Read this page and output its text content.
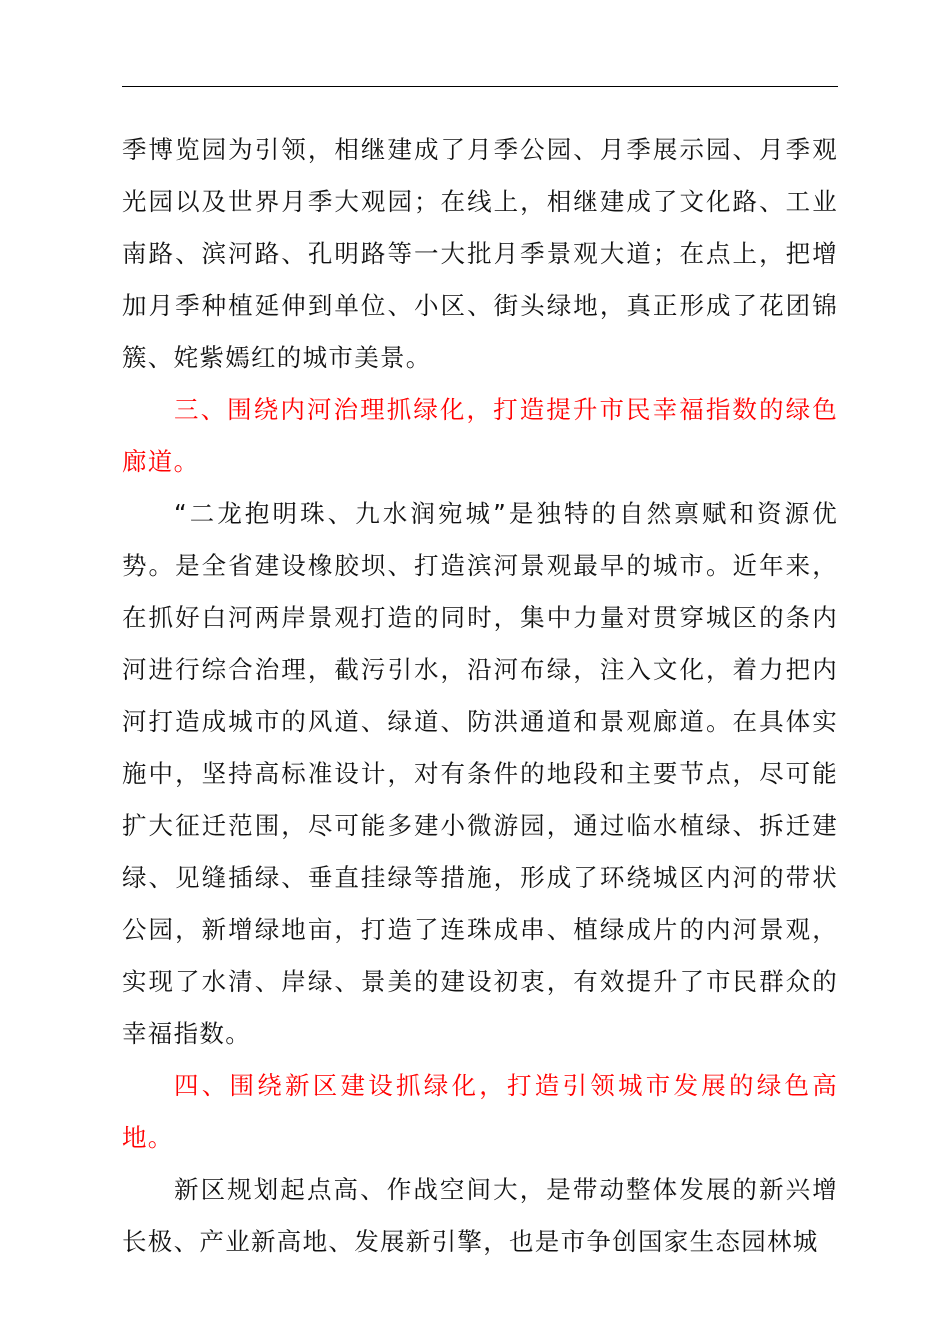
季博览园为引领，相继建成了月季公园、月季展示园、月季观光园以及世界月季大观园；在线上，相继建成了文化路、工业南路、滨河路、孔明路等一大批月季景观大道；在点上，把增加月季种植延伸到单位、小区、街头绿地，真正形成了花团锦簇、姹紫嫣红的城市美景。

三、围绕内河治理抓绿化，打造提升市民幸福指数的绿色廊道。

“二龙抱明珠、九水润宛城”是独特的自然禀赋和资源优势。是全省建设橡胶坝、打造滨河景观最早的城市。近年来，在抓好白河两岸景观打造的同时，集中力量对贯穿城区的条内河进行综合治理，截污引水，沿河布绿，注入文化，着力把内河打造成城市的风道、绿道、防洪通道和景观廊道。在具体实施中，坚持高标准设计，对有条件的地段和主要节点，尽可能扩大征迁范围，尽可能多建小微游园，通过临水植绿、拆迁建绿、见缝插绿、垂直挂绿等措施，形成了环绕城区内河的带状公园，新增绿地亩，打造了连珠成串、植绿成片的内河景观，实现了水清、岸绿、景美的建设初衷，有效提升了市民群众的幸福指数。

四、围绕新区建设抓绿化，打造引领城市发展的绿色高地。

新区规划起点高、作战空间大，是带动整体发展的新兴增长极、产业新高地、发展新引擎，也是市争创国家生态园林城
